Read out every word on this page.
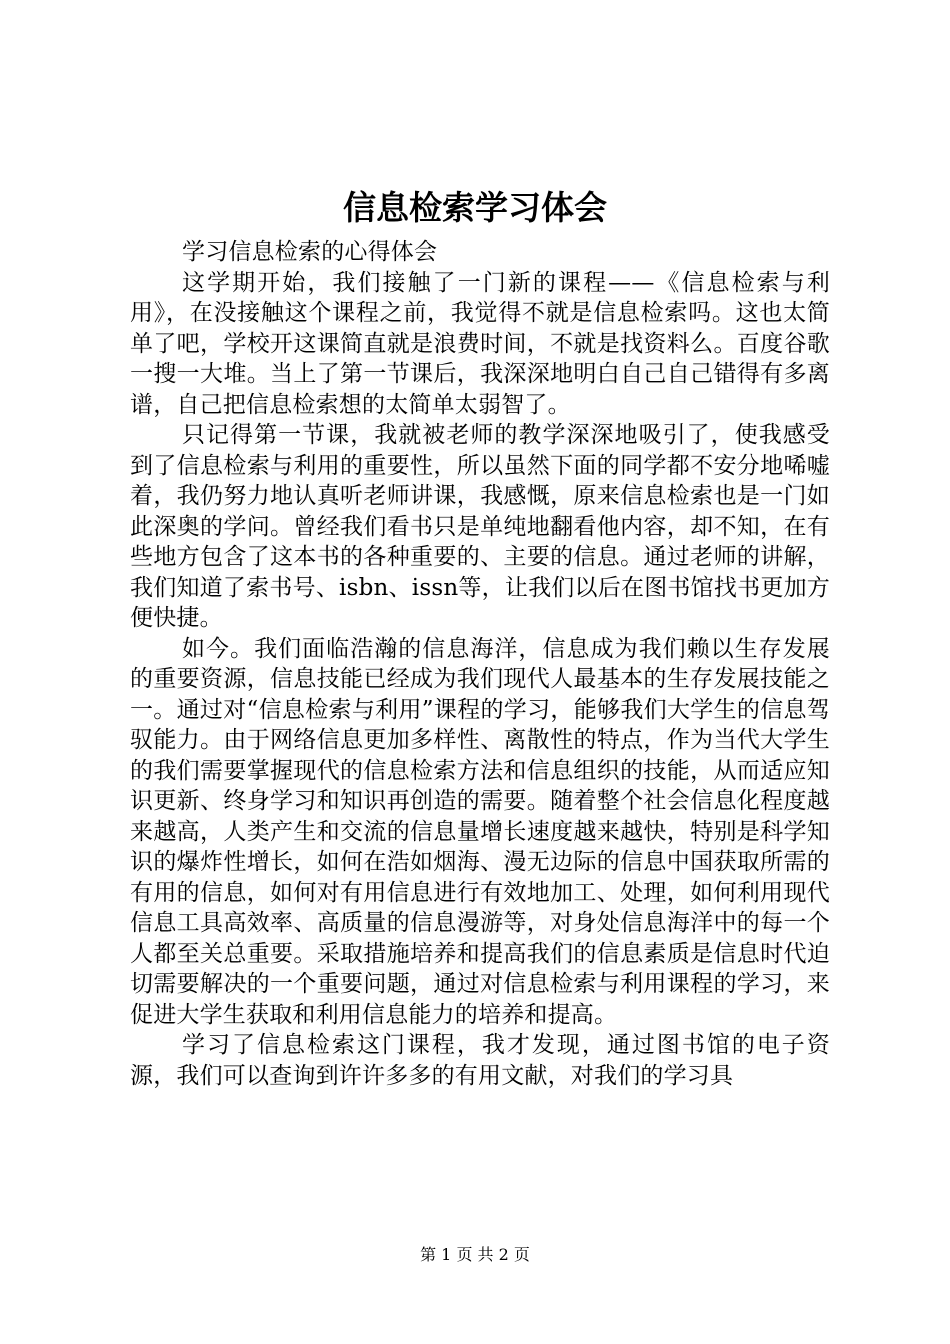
信息检索学习体会

学习信息检索的心得体会

这学期开始，我们接触了一门新的课程——《信息检索与利用》，在没接触这个课程之前，我觉得不就是信息检索吗。这也太简单了吧，学校开这课简直就是浪费时间，不就是找资料么。百度谷歌一搜一大堆。当上了第一节课后，我深深地明白自己自己错得有多离谱，自己把信息检索想的太简单太弱智了。

只记得第一节课，我就被老师的教学深深地吸引了，使我感受到了信息检索与利用的重要性，所以虽然下面的同学都不安分地唏嘘着，我仍努力地认真听老师讲课，我感慨，原来信息检索也是一门如此深奥的学问。曾经我们看书只是单纯地翻看他内容，却不知，在有些地方包含了这本书的各种重要的、主要的信息。通过老师的讲解，我们知道了索书号、isbn、issn等，让我们以后在图书馆找书更加方便快捷。

如今。我们面临浩瀚的信息海洋，信息成为我们赖以生存发展的重要资源，信息技能已经成为我们现代人最基本的生存发展技能之一。通过对“信息检索与利用”课程的学习，能够我们大学生的信息驾驭能力。由于网络信息更加多样性、离散性的特点，作为当代大学生的我们需要掌握现代的信息检索方法和信息组织的技能，从而适应知识更新、终身学习和知识再创造的需要。随着整个社会信息化程度越来越高，人类产生和交流的信息量增长速度越来越快，特别是科学知识的爆炸性增长，如何在浩如烟海、漫无边际的信息中国获取所需的有用的信息，如何对有用信息进行有效地加工、处理，如何利用现代信息工具高效率、高质量的信息漫游等，对身处信息海洋中的每一个人都至关总重要。采取措施培养和提高我们的信息素质是信息时代迫切需要解决的一个重要问题，通过对信息检索与利用课程的学习，来促进大学生获取和利用信息能力的培养和提高。

学习了信息检索这门课程，我才发现，通过图书馆的电子资源，我们可以查询到许许多多的有用文献，对我们的学习具

第 1 页 共 2 页
